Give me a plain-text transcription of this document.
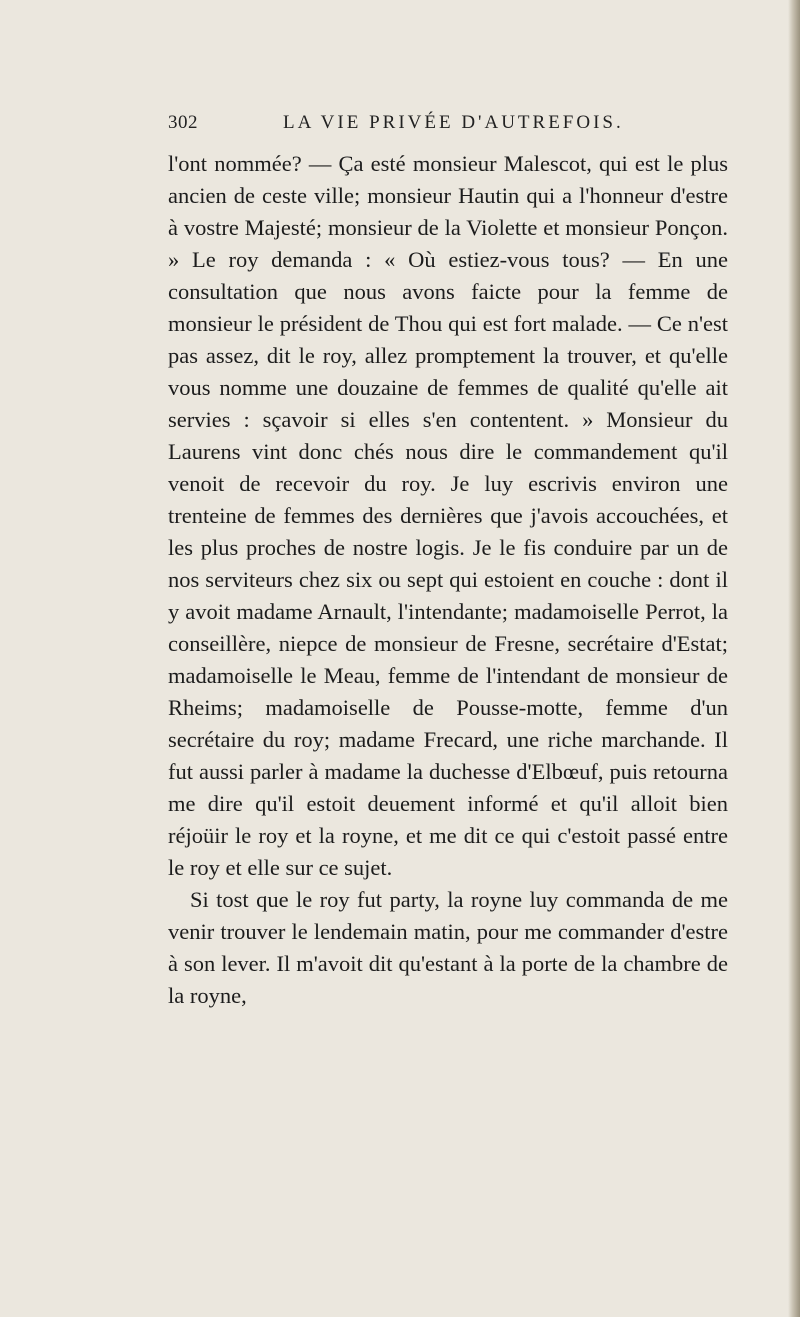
302	LA VIE PRIVÉE D'AUTREFOIS.

l'ont nommée? — Ça esté monsieur Malescot, qui est le plus ancien de ceste ville; monsieur Hautin qui a l'honneur d'estre à vostre Majesté; monsieur de la Violette et monsieur Ponçon. » Le roy demanda : « Où estiez-vous tous? — En une consultation que nous avons faicte pour la femme de monsieur le président de Thou qui est fort malade. — Ce n'est pas assez, dit le roy, allez promptement la trouver, et qu'elle vous nomme une douzaine de femmes de qualité qu'elle ait servies : sçavoir si elles s'en contentent. » Monsieur du Laurens vint donc chés nous dire le commandement qu'il venoit de recevoir du roy. Je luy escrivis environ une trenteine de femmes des dernières que j'avois accouchées, et les plus proches de nostre logis. Je le fis conduire par un de nos serviteurs chez six ou sept qui estoient en couche : dont il y avoit madame Arnault, l'intendante; madamoiselle Perrot, la conseillère, niepce de monsieur de Fresne, secrétaire d'Estat; madamoiselle le Meau, femme de l'intendant de monsieur de Rheims; madamoiselle de Pousse-motte, femme d'un secrétaire du roy; madame Frecard, une riche marchande. Il fut aussi parler à madame la duchesse d'Elbœuf, puis retourna me dire qu'il estoit deuement informé et qu'il alloit bien réjoüir le roy et la royne, et me dit ce qui c'estoit passé entre le roy et elle sur ce sujet.

Si tost que le roy fut party, la royne luy commanda de me venir trouver le lendemain matin, pour me commander d'estre à son lever. Il m'avoit dit qu'estant à la porte de la chambre de la royne,
